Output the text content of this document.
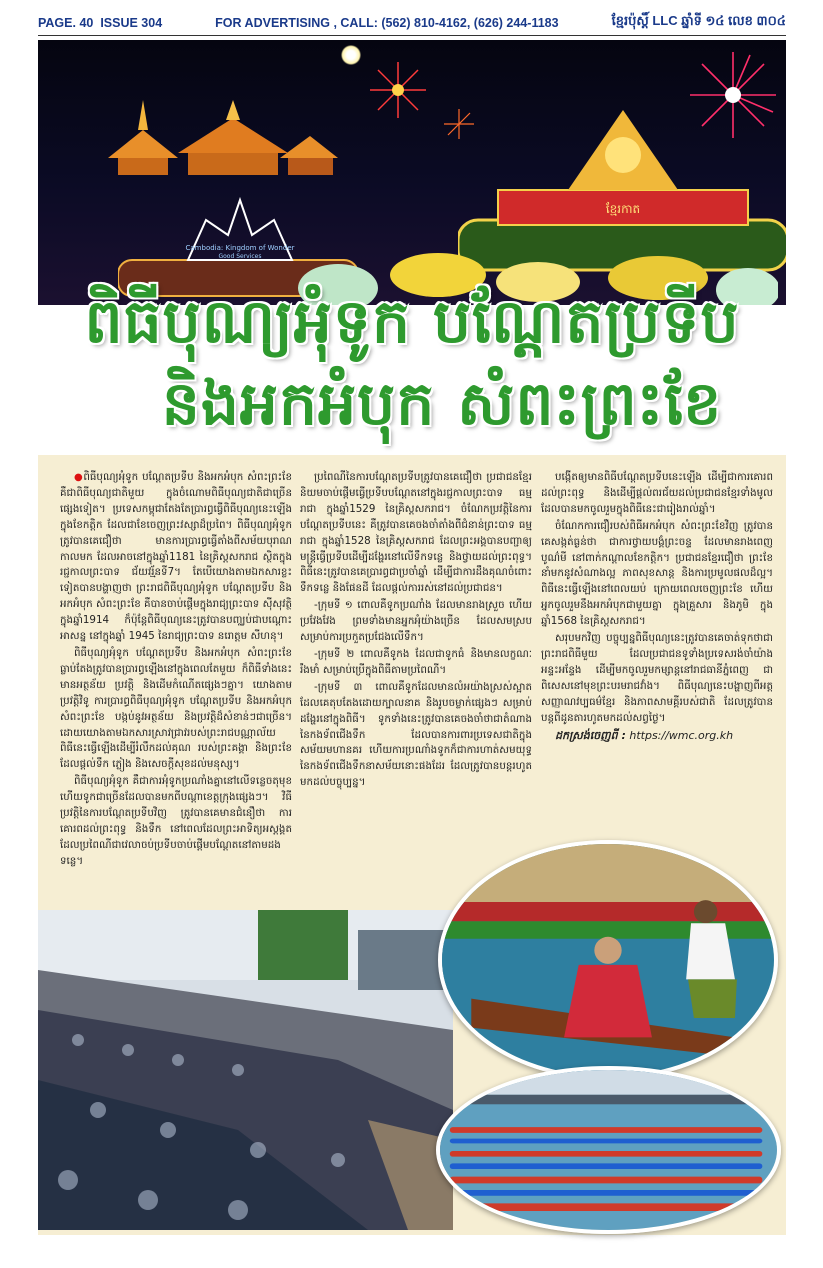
PAGE. 40 ISSUE 304	FOR ADVERTISING , CALL: (562) 810-4162, (626) 244-1183	ខ្មែរប៉ុស្តិ៍ LLC ឆ្នាំទី ១៤ លេខ ៣០៤
Cambodia: Kingdom of Wonder
Good Services
ខ្មែរកាត
ពិធីបុណ្យអុំទូក បណ្តែតប្រទីប
និងអកអំបុក សំពះព្រះខែ

●ពិធីបុណ្យអុំទូក បណ្តែតប្រទីប និងអកអំបុក សំពះព្រះខែ គឺជាពិធីបុណ្យជាតិមួយ ក្នុងចំណោមពិធីបុណ្យជាតិជាច្រើនផ្សេងទៀត។ ប្រទេសកម្ពុជាតែងតែប្រារព្ធធ្វើពិធីបុណ្យនេះឡើងក្នុងខែកត្តិក ដែលជាខែចេញព្រះវស្សាដ៏ប្រពៃ។ ពិធីបុណ្យអុំទូកត្រូវបានគេជឿថា មានការប្រារព្ធធ្វើតាំងពីសម័យបុរាណកាលមក ដែលអាចនៅក្នុងឆ្នាំ1181 នៃគ្រិស្តសករាជ ស្ថិតក្នុងរជ្ជកាលព្រះបាទ ជ័យវរ្ម័នទី7។ តែបើយោងតាមឯកសារខ្លះទៀតបានបង្ហាញថា ព្រះរាជពិធីបុណ្យអុំទូក បណ្តែតប្រទីប និងអកអំបុក សំពះព្រះខែ គឺបានចាប់ផ្តើមក្នុងរាជ្យព្រះបាទ ស៊ីសុវត្ថិ ក្នុងឆ្នាំ1914 ក៏ប៉ុន្តែពិធីបុណ្យនេះត្រូវបានបញ្ឈប់ជាបណ្តោះអាសន្ន នៅក្នុងឆ្នាំ 1945 នៃរាជ្យព្រះបាទ នរោត្តម សីហនុ។

ពិធីបុណ្យអុំទូក បណ្តែតប្រទីប និងអកអំបុក សំពះព្រះខែ ធ្លាប់តែងត្រូវបានប្រារព្ធឡើងនៅក្នុងពេលតែមួយ ក៏ពិធីទាំងនេះមានអត្ថន័យ ប្រវត្តិ និងដើមកំណើតផ្សេងៗគ្នា។ យោងតាមប្រវត្តិវិទូ ការប្រារព្ធពិធីបុណ្យអុំទូក បណ្តែតប្រទីប និងអកអំបុក សំពះព្រះខែ បង្កប់នូវអត្ថន័យ និងប្រវត្តិដ៏សំខាន់ៗជាច្រើន។ ដោយយោងតាមឯកសារស្រាវជ្រាវរបស់ព្រះរាជបណ្ណាល័យ ពិធីនេះធ្វើឡើងដើម្បីរំលឹកដល់គុណ របស់ព្រះគង្គា និងព្រះខែ ដែលផ្តល់ទឹក ភ្លៀង និងសេចក្តីសុខដល់មនុស្ស។

ពិធីបុណ្យអុំទូក គឺជាការអុំទូកប្រណាំងគ្នានៅលើទន្លេចតុមុខ ហើយទូកជាច្រើនដែលបានមកពីបណ្តាខេត្តក្រុងផ្សេងៗ។ វិធីប្រវត្តិនៃការបណ្តែតប្រទីបវិញ ត្រូវបានគេមានជំនឿថា ការគោរពដល់ព្រះពុទ្ធ និងទឹក នៅពេលដែលព្រះអាទិត្យអស្តង្គត ដែលប្រពៃណីជាវេលាចប់ប្រទីបចាប់ផ្តើមបណ្តែតនៅតាមដងទន្លេ។

ប្រពៃណីនៃការបណ្តែតប្រទីបត្រូវបានគេជឿថា ប្រជាជនខ្មែរនិយមចាប់ផ្តើមធ្វើប្រទីបបណ្តែតនៅក្នុងរជ្ជកាលព្រះបាទ ធម្មរាជា ក្នុងឆ្នាំ1529 នៃគ្រិស្តសករាជ។ ចំណែកប្រវត្តិនៃការបណ្តែតប្រទីបនេះ គឺត្រូវបានគេចងចាំតាំងពីជំនាន់ព្រះបាទ ធម្មរាជា ក្នុងឆ្នាំ1528 នៃគ្រិស្តសករាជ ដែលព្រះអង្គបានបញ្ជាឲ្យមន្ត្រីធ្វើប្រទីបដើម្បីដង្ហែរនៅលើទឹកទន្លេ និងថ្វាយដល់ព្រះពុទ្ធ។ ពិធីនេះត្រូវបានគេប្រារព្ធជាប្រចាំឆ្នាំ ដើម្បីជាការដឹងគុណចំពោះទឹកទន្លេ និងផែនដី ដែលផ្តល់ការរស់នៅដល់ប្រជាជន។

-ក្រុមទី ១ ពោលគឺទូកប្រណាំង ដែលមានរាងស្រួច ហើយប្រវែងវែង ព្រមទាំងមានអ្នកអុំយ៉ាងច្រើន ដែលសមស្របសម្រាប់ការប្រកួតប្រជែងលើទឹក។

-ក្រុមទី ២ ពោលគឺទូកង ដែលជាទូកធំ និងមានលក្ខណៈរឹងមាំ សម្រាប់ប្រើក្នុងពិធីតាមប្រពៃណី។

-ក្រុមទី ៣ ពោលគឺទូកដែលមានលំអយ៉ាងស្រស់ស្អាត ដែលគេតុបតែងដោយក្បាលនាគ និងរូបចម្លាក់ផ្សេងៗ សម្រាប់ដង្ហែរនៅក្នុងពិធី។ ទូកទាំងនេះត្រូវបានគេចងចាំថាជាតំណាងនៃកងទ័ពជើងទឹក ដែលបានការពារប្រទេសជាតិក្នុងសម័យមហានគរ ហើយការប្រណាំងទូកក៏ជាការហាត់សមយុទ្ធនៃកងទ័ពជើងទឹកនាសម័យនោះផងដែរ ដែលត្រូវបានបន្តរហូតមកដល់បច្ចុប្បន្ន។

បង្កើតឲ្យមានពិធីបណ្តែតប្រទីបនេះឡើង ដើម្បីជាការគោរពដល់ព្រះពុទ្ធ និងដើម្បីផ្តល់ពរជ័យដល់ប្រជាជនខ្មែរទាំងមូល ដែលបានមកចូលរួមក្នុងពិធីនេះជារៀងរាល់ឆ្នាំ។

ចំណែកការជឿរបស់ពិធីអកអំបុក សំពះព្រះខែវិញ ត្រូវបានគេសង្កត់ធ្ងន់ថា ជាការថ្វាយបង្គំព្រះចន្ទ ដែលមានរាងពេញបូណ៌មី នៅពាក់កណ្តាលខែកត្តិក។ ប្រជាជនខ្មែរជឿថា ព្រះខែនាំមកនូវសំណាងល្អ ភាពសុខសាន្ត និងការប្រមូលផលដ៏ល្អ។ ពិធីនេះធ្វើឡើងនៅពេលយប់ ក្រោយពេលចេញព្រះខែ ហើយអ្នកចូលរួមនឹងអកអំបុកជាមួយគ្នា ក្នុងគ្រួសារ និងភូមិ ក្នុងឆ្នាំ1568 នៃគ្រិស្តសករាជ។

សរុបមកវិញ បច្ចុប្បន្នពិធីបុណ្យនេះត្រូវបានគេចាត់ទុកថាជាព្រះរាជពិធីមួយ ដែលប្រជាជនទូទាំងប្រទេសរង់ចាំយ៉ាងអន្ទះអន្ទែង ដើម្បីមកចូលរួមកម្សាន្តនៅរាជធានីភ្នំពេញ ជាពិសេសនៅមុខព្រះបរមរាជវាំង។ ពិធីបុណ្យនេះបង្ហាញពីអត្តសញ្ញាណវប្បធម៌ខ្មែរ និងភាពសាមគ្គីរបស់ជាតិ ដែលត្រូវបានបន្តពីដូនតារហូតមកដល់សព្វថ្ងៃ។

ដកស្រង់ចេញពី : https://wmc.org.kh
